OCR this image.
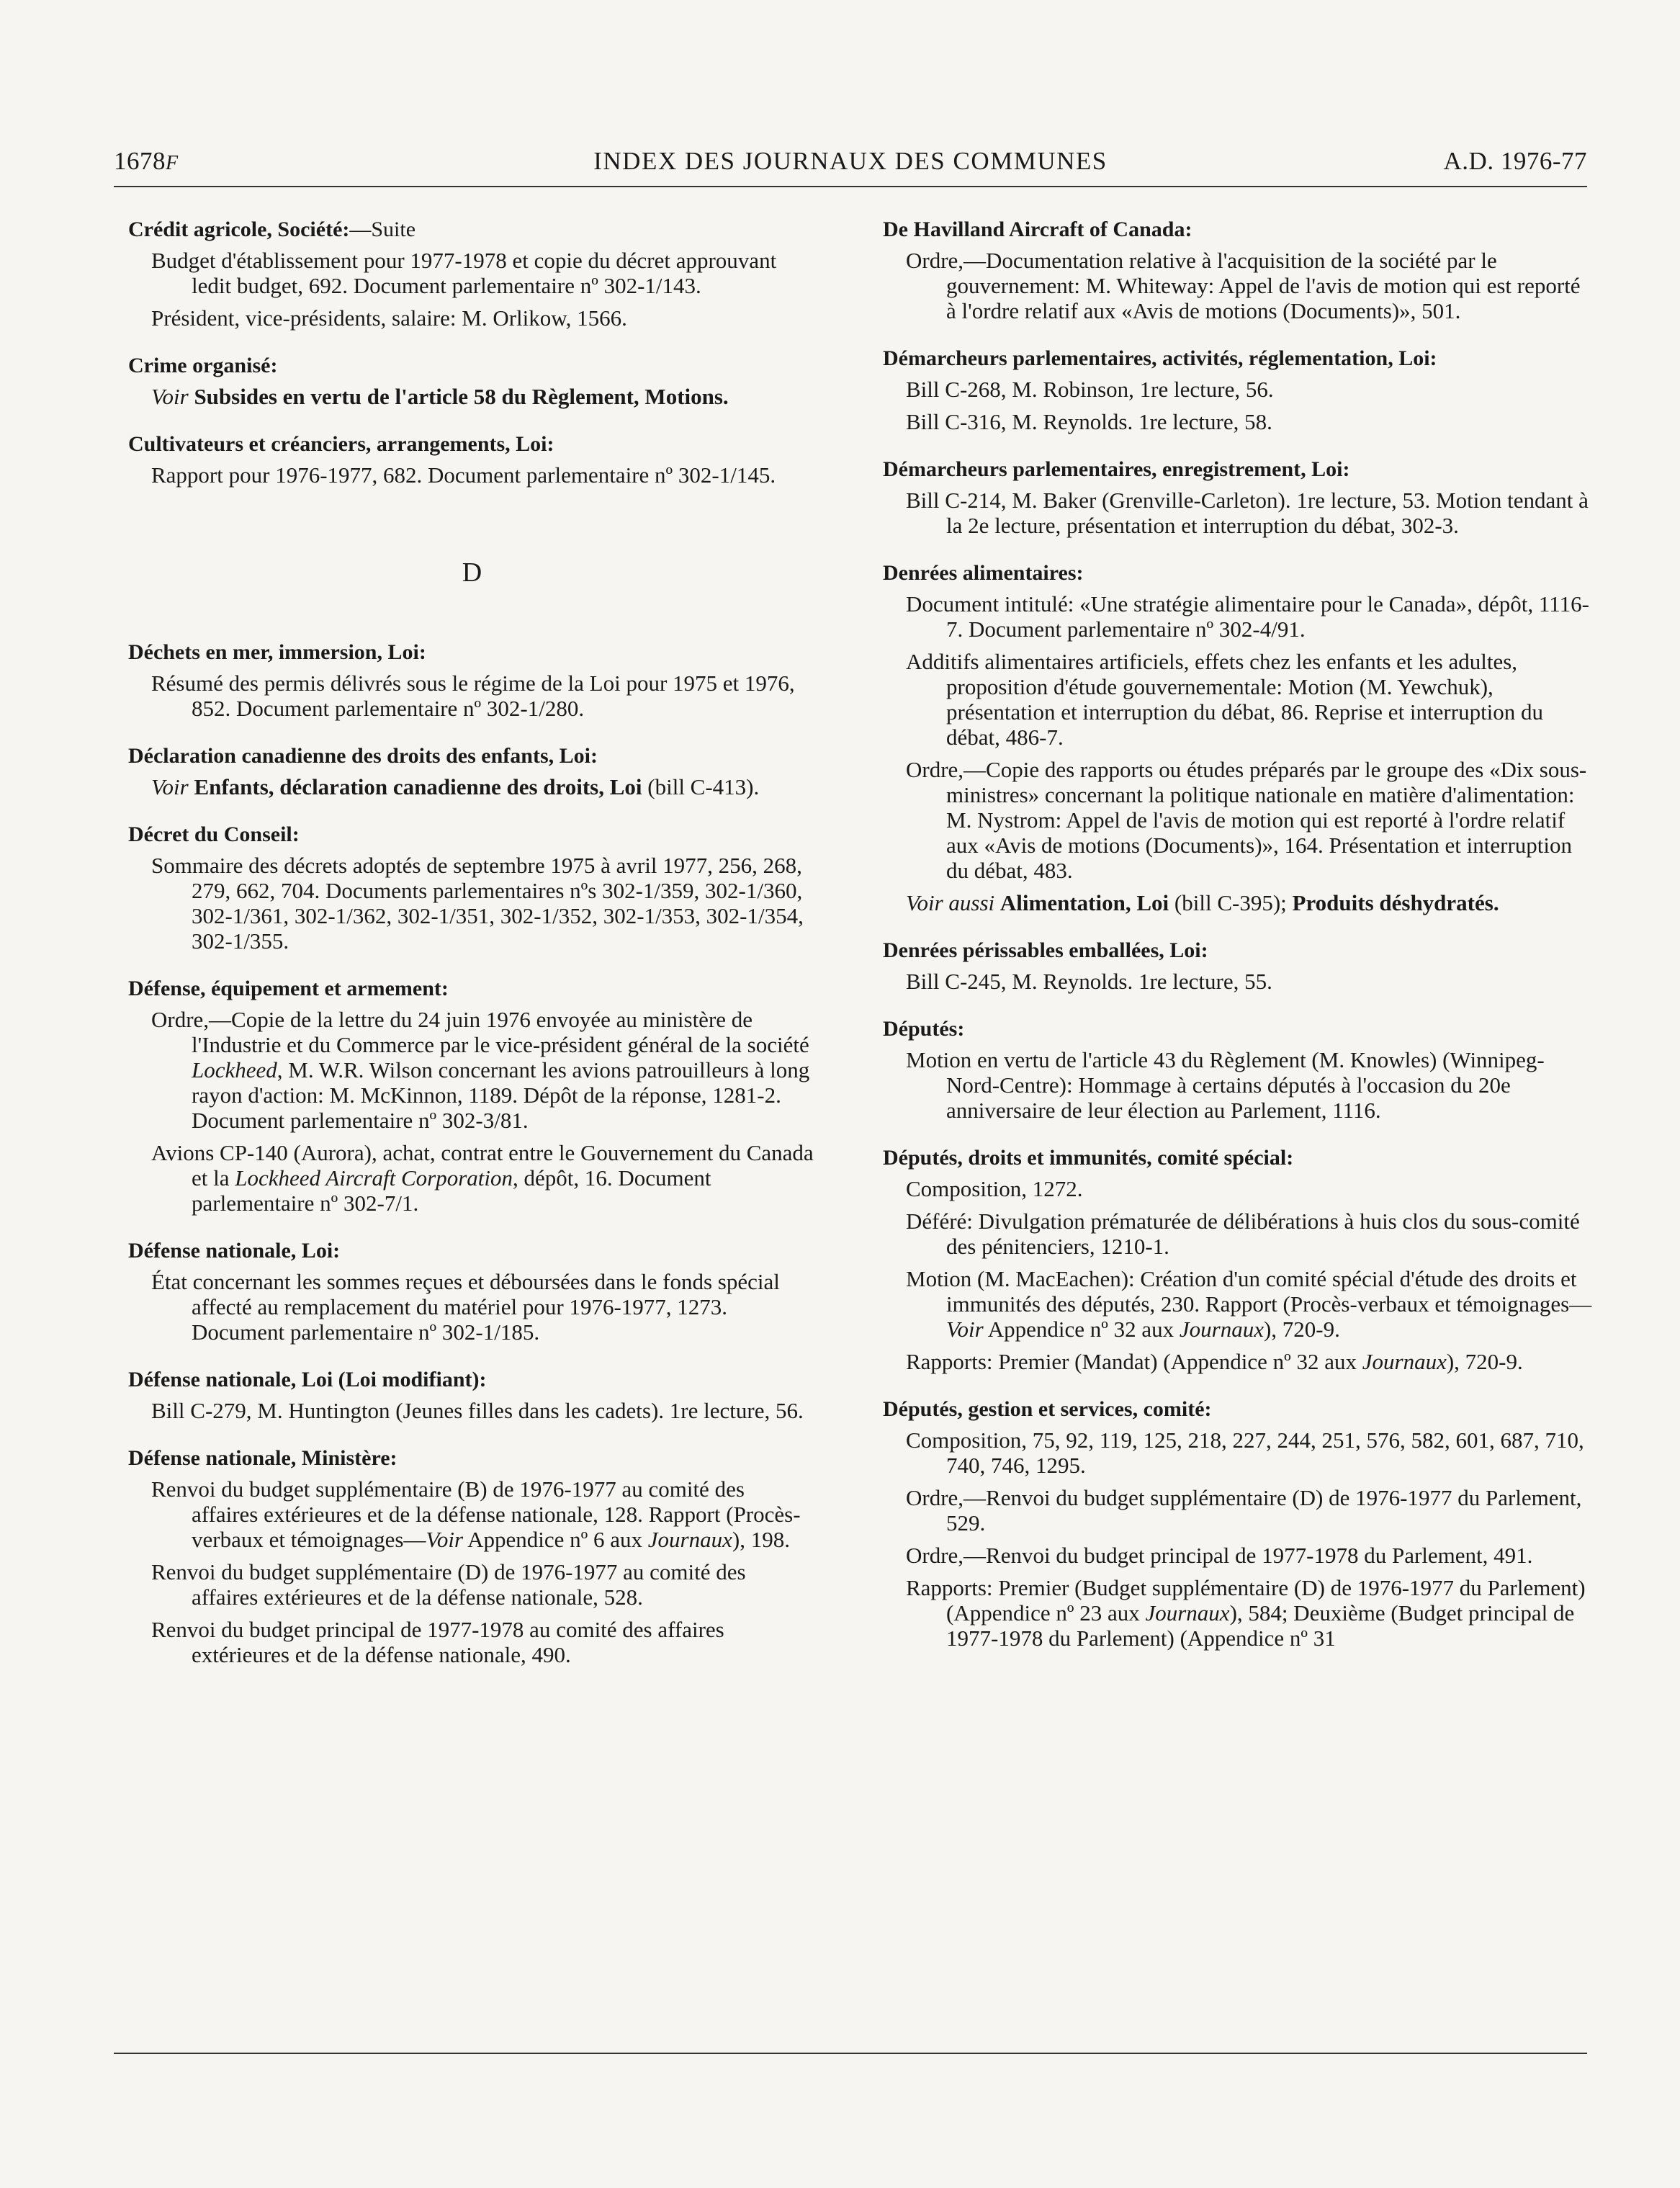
1678F	INDEX DES JOURNAUX DES COMMUNES	A.D. 1976-77
Crédit agricole, Société:—Suite
Budget d'établissement pour 1977-1978 et copie du décret approuvant ledit budget, 692. Document parlementaire nº 302-1/143.
Président, vice-présidents, salaire: M. Orlikow, 1566.
Crime organisé:
Voir Subsides en vertu de l'article 58 du Règlement, Motions.
Cultivateurs et créanciers, arrangements, Loi:
Rapport pour 1976-1977, 682. Document parlementaire nº 302-1/145.
D
Déchets en mer, immersion, Loi:
Résumé des permis délivrés sous le régime de la Loi pour 1975 et 1976, 852. Document parlementaire nº 302-1/280.
Déclaration canadienne des droits des enfants, Loi:
Voir Enfants, déclaration canadienne des droits, Loi (bill C-413).
Décret du Conseil:
Sommaire des décrets adoptés de septembre 1975 à avril 1977, 256, 268, 279, 662, 704. Documents parlementaires nºs 302-1/359, 302-1/360, 302-1/361, 302-1/362, 302-1/351, 302-1/352, 302-1/353, 302-1/354, 302-1/355.
Défense, équipement et armement:
Ordre,—Copie de la lettre du 24 juin 1976 envoyée au ministère de l'Industrie et du Commerce par le vice-président général de la société Lockheed, M. W.R. Wilson concernant les avions patrouilleurs à long rayon d'action: M. McKinnon, 1189. Dépôt de la réponse, 1281-2. Document parlementaire nº 302-3/81.
Avions CP-140 (Aurora), achat, contrat entre le Gouvernement du Canada et la Lockheed Aircraft Corporation, dépôt, 16. Document parlementaire nº 302-7/1.
Défense nationale, Loi:
État concernant les sommes reçues et déboursées dans le fonds spécial affecté au remplacement du matériel pour 1976-1977, 1273. Document parlementaire nº 302-1/185.
Défense nationale, Loi (Loi modifiant):
Bill C-279, M. Huntington (Jeunes filles dans les cadets). 1re lecture, 56.
Défense nationale, Ministère:
Renvoi du budget supplémentaire (B) de 1976-1977 au comité des affaires extérieures et de la défense nationale, 128. Rapport (Procès-verbaux et témoignages—Voir Appendice nº 6 aux Journaux), 198.
Renvoi du budget supplémentaire (D) de 1976-1977 au comité des affaires extérieures et de la défense nationale, 528.
Renvoi du budget principal de 1977-1978 au comité des affaires extérieures et de la défense nationale, 490.
De Havilland Aircraft of Canada:
Ordre,—Documentation relative à l'acquisition de la société par le gouvernement: M. Whiteway: Appel de l'avis de motion qui est reporté à l'ordre relatif aux «Avis de motions (Documents)», 501.
Démarcheurs parlementaires, activités, réglementation, Loi:
Bill C-268, M. Robinson, 1re lecture, 56.
Bill C-316, M. Reynolds. 1re lecture, 58.
Démarcheurs parlementaires, enregistrement, Loi:
Bill C-214, M. Baker (Grenville-Carleton). 1re lecture, 53. Motion tendant à la 2e lecture, présentation et interruption du débat, 302-3.
Denrées alimentaires:
Document intitulé: «Une stratégie alimentaire pour le Canada», dépôt, 1116-7. Document parlementaire nº 302-4/91.
Additifs alimentaires artificiels, effets chez les enfants et les adultes, proposition d'étude gouvernementale: Motion (M. Yewchuk), présentation et interruption du débat, 86. Reprise et interruption du débat, 486-7.
Ordre,—Copie des rapports ou études préparés par le groupe des «Dix sous-ministres» concernant la politique nationale en matière d'alimentation: M. Nystrom: Appel de l'avis de motion qui est reporté à l'ordre relatif aux «Avis de motions (Documents)», 164. Présentation et interruption du débat, 483.
Voir aussi Alimentation, Loi (bill C-395); Produits déshydratés.
Denrées périssables emballées, Loi:
Bill C-245, M. Reynolds. 1re lecture, 55.
Députés:
Motion en vertu de l'article 43 du Règlement (M. Knowles) (Winnipeg-Nord-Centre): Hommage à certains députés à l'occasion du 20e anniversaire de leur élection au Parlement, 1116.
Députés, droits et immunités, comité spécial:
Composition, 1272.
Déféré: Divulgation prématurée de délibérations à huis clos du sous-comité des pénitenciers, 1210-1.
Motion (M. MacEachen): Création d'un comité spécial d'étude des droits et immunités des députés, 230. Rapport (Procès-verbaux et témoignages—Voir Appendice nº 32 aux Journaux), 720-9.
Rapports: Premier (Mandat) (Appendice nº 32 aux Journaux), 720-9.
Députés, gestion et services, comité:
Composition, 75, 92, 119, 125, 218, 227, 244, 251, 576, 582, 601, 687, 710, 740, 746, 1295.
Ordre,—Renvoi du budget supplémentaire (D) de 1976-1977 du Parlement, 529.
Ordre,—Renvoi du budget principal de 1977-1978 du Parlement, 491.
Rapports: Premier (Budget supplémentaire (D) de 1976-1977 du Parlement) (Appendice nº 23 aux Journaux), 584; Deuxième (Budget principal de 1977-1978 du Parlement) (Appendice nº 31
